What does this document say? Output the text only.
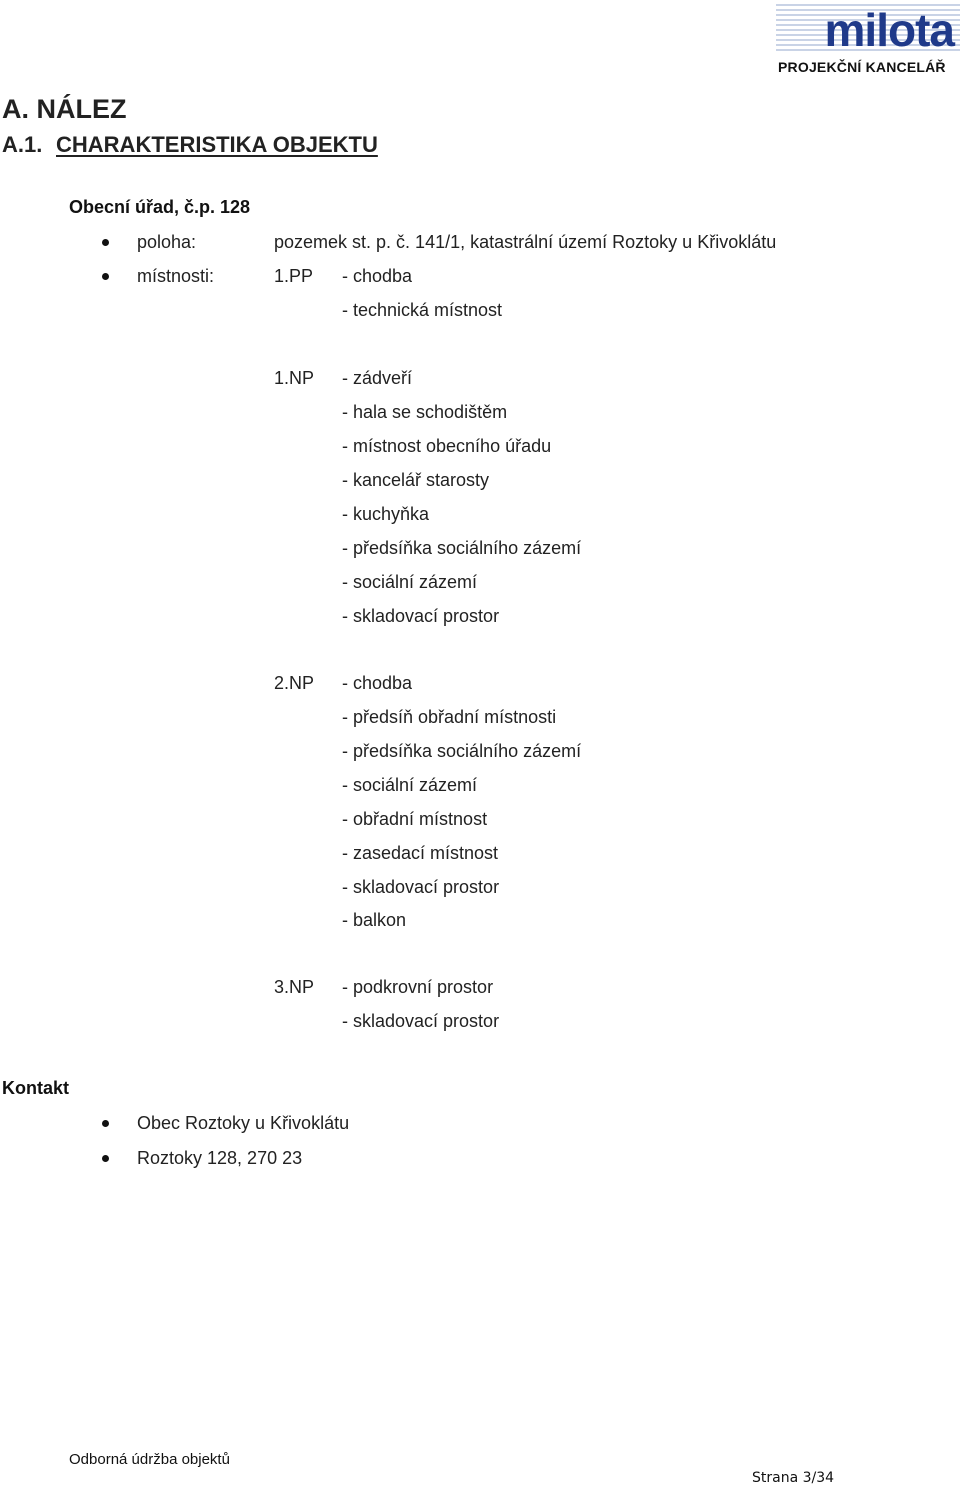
milota
PROJEKČNÍ KANCELÁŘ
A. NÁLEZ
A.1. CHARAKTERISTIKA OBJEKTU
Obecní úřad, č.p. 128
poloha:	pozemek st. p. č. 141/1, katastrální území Roztoky u Křivoklátu
místnosti:	1.PP - chodba
- technická místnost
1.NP - zádveří
- hala se schodištěm
- místnost obecního úřadu
- kancelář starosty
- kuchyňka
- předsíňka sociálního zázemí
- sociální zázemí
- skladovací prostor
2.NP - chodba
- předsíň obřadní místnosti
- předsíňka sociálního zázemí
- sociální zázemí
- obřadní místnost
- zasedací místnost
- skladovací prostor
- balkon
3.NP - podkrovní prostor
- skladovací prostor
Kontakt
Obec Roztoky u Křivoklátu
Roztoky 128, 270 23
Odborná údržba objektů
Strana 3/34
